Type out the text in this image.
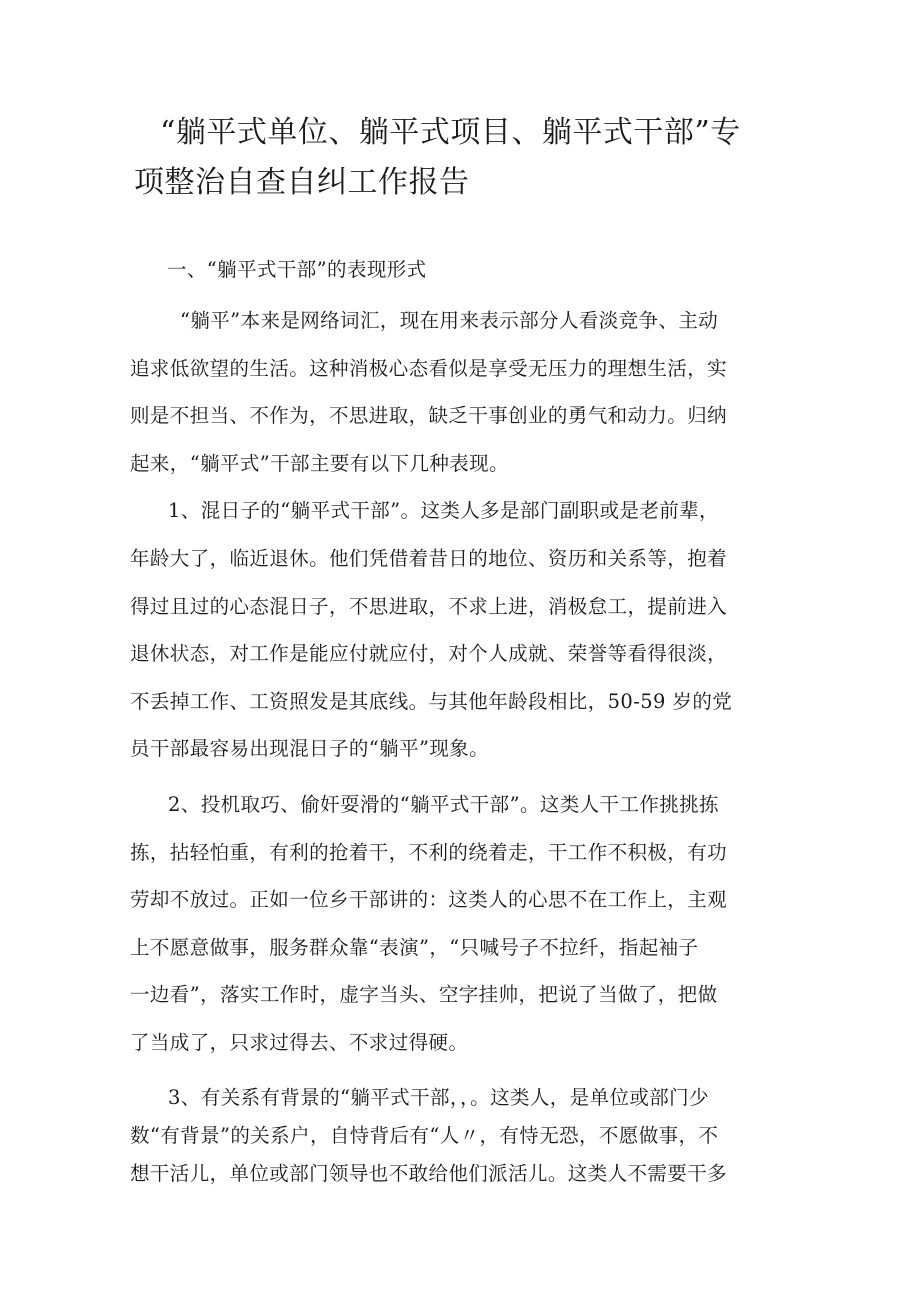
“躺平式单位、躺平式项目、躺平式干部”专
项整治自查自纠工作报告
一、“躺平式干部”的表现形式
“躺平”本来是网络词汇，现在用来表示部分人看淡竞争、主动
追求低欲望的生活。这种消极心态看似是享受无压力的理想生活，实
则是不担当、不作为，不思进取，缺乏干事创业的勇气和动力。归纳
起来，“躺平式”干部主要有以下几种表现。
1、混日子的“躺平式干部”。这类人多是部门副职或是老前辈，
年龄大了，临近退休。他们凭借着昔日的地位、资历和关系等，抱着
得过且过的心态混日子，不思进取，不求上进，消极怠工，提前进入
退休状态，对工作是能应付就应付，对个人成就、荣誉等看得很淡，
不丢掉工作、工资照发是其底线。与其他年龄段相比，50-59 岁的党
员干部最容易出现混日子的“躺平”现象。
2、投机取巧、偷奸耍滑的“躺平式干部”。这类人干工作挑挑拣
拣，拈轻怕重，有利的抢着干，不利的绕着走，干工作不积极，有功
劳却不放过。正如一位乡干部讲的：这类人的心思不在工作上，主观
上不愿意做事，服务群众靠“表演”，“只喊号子不拉纤，指起袖子
一边看”，落实工作时，虚字当头、空字挂帅，把说了当做了，把做
了当成了，只求过得去、不求过得硬。
3、有关系有背景的“躺平式干部，，。这类人，是单位或部门少
数“有背景”的关系户，自恃背后有“人〃，有恃无恐，不愿做事，不
想干活儿，单位或部门领导也不敢给他们派活儿。这类人不需要干多
